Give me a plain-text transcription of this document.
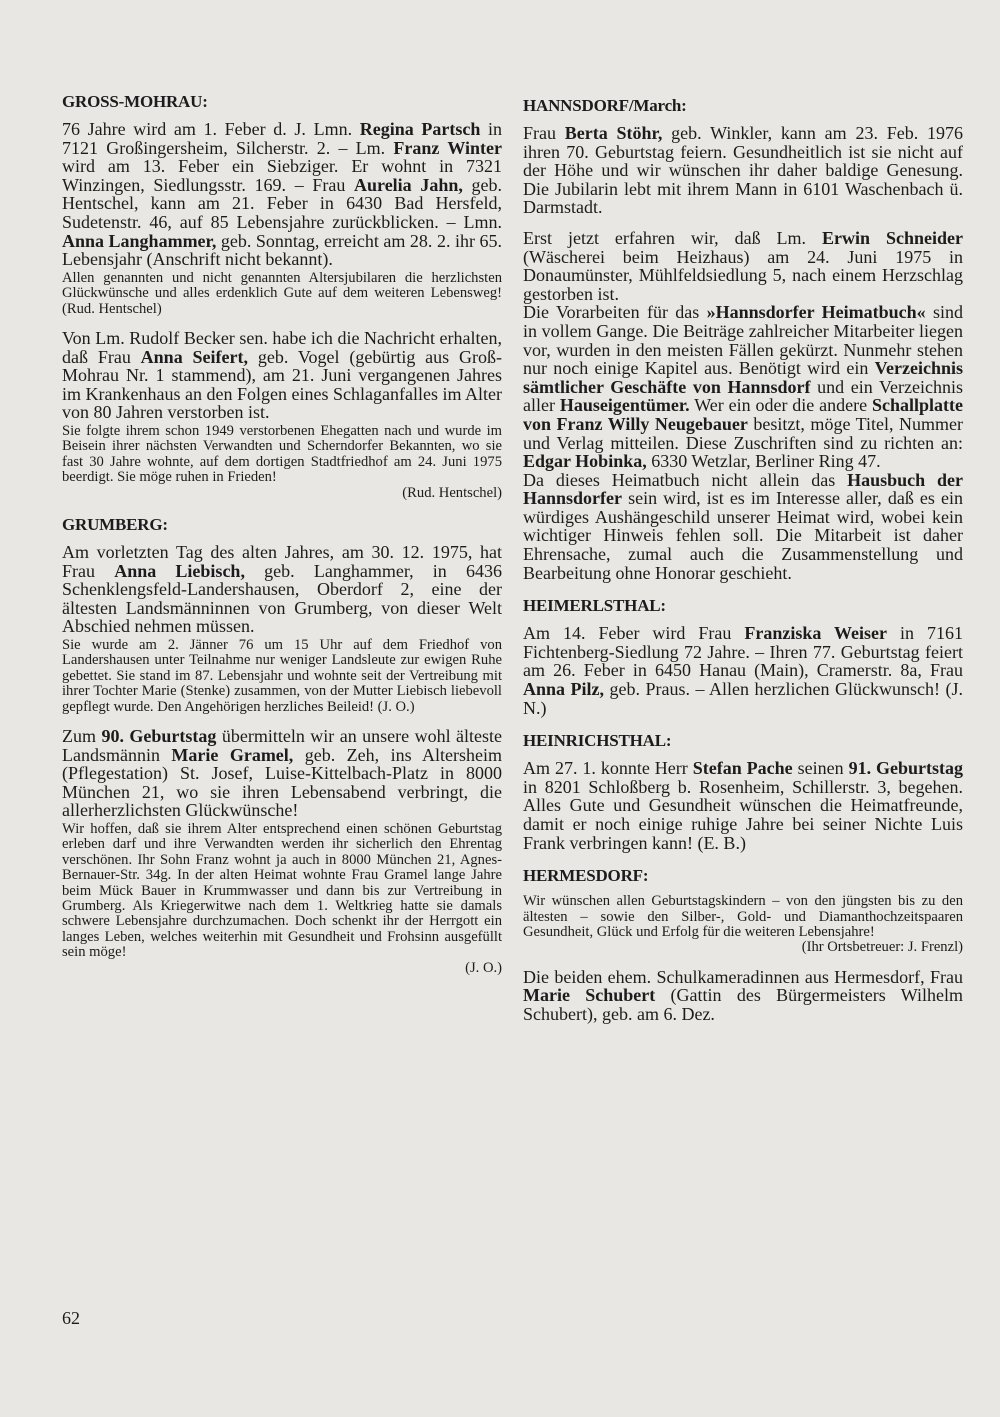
GROSS-MOHRAU:

76 Jahre wird am 1. Feber d. J. Lmn. Regina Partsch in 7121 Großingersheim, Silcherstr. 2. – Lm. Franz Winter wird am 13. Feber ein Siebziger. Er wohnt in 7321 Winzingen, Siedlungsstr. 169. – Frau Aurelia Jahn, geb. Hentschel, kann am 21. Feber in 6430 Bad Hersfeld, Sudetenstr. 46, auf 85 Lebensjahre zurückblicken. – Lmn. Anna Langhammer, geb. Sonntag, erreicht am 28. 2. ihr 65. Lebensjahr (Anschrift nicht bekannt).

Allen genannten und nicht genannten Altersjubilaren die herzlichsten Glückwünsche und alles erdenklich Gute auf dem weiteren Lebensweg! (Rud. Hentschel)

Von Lm. Rudolf Becker sen. habe ich die Nachricht erhalten, daß Frau Anna Seifert, geb. Vogel (gebürtig aus Groß-Mohrau Nr. 1 stammend), am 21. Juni vergangenen Jahres im Krankenhaus an den Folgen eines Schlaganfalles im Alter von 80 Jahren verstorben ist.

Sie folgte ihrem schon 1949 verstorbenen Ehegatten nach und wurde im Beisein ihrer nächsten Verwandten und Scherndorfer Bekannten, wo sie fast 30 Jahre wohnte, auf dem dortigen Stadtfriedhof am 24. Juni 1975 beerdigt. Sie möge ruhen in Frieden!

(Rud. Hentschel)

GRUMBERG:

Am vorletzten Tag des alten Jahres, am 30. 12. 1975, hat Frau Anna Liebisch, geb. Langhammer, in 6436 Schenklengsfeld-Landershausen, Oberdorf 2, eine der ältesten Landsmänninnen von Grumberg, von dieser Welt Abschied nehmen müssen.

Sie wurde am 2. Jänner 76 um 15 Uhr auf dem Friedhof von Landershausen unter Teilnahme nur weniger Landsleute zur ewigen Ruhe gebettet. Sie stand im 87. Lebensjahr und wohnte seit der Vertreibung mit ihrer Tochter Marie (Stenke) zusammen, von der Mutter Liebisch liebevoll gepflegt wurde. Den Angehörigen herzliches Beileid! (J. O.)

Zum 90. Geburtstag übermitteln wir an unsere wohl älteste Landsmännin Marie Gramel, geb. Zeh, ins Altersheim (Pflegestation) St. Josef, Luise-Kittelbach-Platz in 8000 München 21, wo sie ihren Lebensabend verbringt, die allerherzlichsten Glückwünsche!

Wir hoffen, daß sie ihrem Alter entsprechend einen schönen Geburtstag erleben darf und ihre Verwandten werden ihr sicherlich den Ehrentag verschönen. Ihr Sohn Franz wohnt ja auch in 8000 München 21, Agnes-Bernauer-Str. 34g. In der alten Heimat wohnte Frau Gramel lange Jahre beim Mück Bauer in Krummwasser und dann bis zur Vertreibung in Grumberg. Als Kriegerwitwe nach dem 1. Weltkrieg hatte sie damals schwere Lebensjahre durchzumachen. Doch schenkt ihr der Herrgott ein langes Leben, welches weiterhin mit Gesundheit und Frohsinn ausgefüllt sein möge!

(J. O.)

HANNSDORF/March:

Frau Berta Stöhr, geb. Winkler, kann am 23. Feb. 1976 ihren 70. Geburtstag feiern. Gesundheitlich ist sie nicht auf der Höhe und wir wünschen ihr daher baldige Genesung. Die Jubilarin lebt mit ihrem Mann in 6101 Waschenbach ü. Darmstadt.

Erst jetzt erfahren wir, daß Lm. Erwin Schneider (Wäscherei beim Heizhaus) am 24. Juni 1975 in Donaumünster, Mühlfeldsiedlung 5, nach einem Herzschlag gestorben ist.

Die Vorarbeiten für das »Hannsdorfer Heimatbuch« sind in vollem Gange. Die Beiträge zahlreicher Mitarbeiter liegen vor, wurden in den meisten Fällen gekürzt. Nunmehr stehen nur noch einige Kapitel aus. Benötigt wird ein Verzeichnis sämtlicher Geschäfte von Hannsdorf und ein Verzeichnis aller Hauseigentümer. Wer ein oder die andere Schallplatte von Franz Willy Neugebauer besitzt, möge Titel, Nummer und Verlag mitteilen. Diese Zuschriften sind zu richten an: Edgar Hobinka, 6330 Wetzlar, Berliner Ring 47.

Da dieses Heimatbuch nicht allein das Hausbuch der Hannsdorfer sein wird, ist es im Interesse aller, daß es ein würdiges Aushängeschild unserer Heimat wird, wobei kein wichtiger Hinweis fehlen soll. Die Mitarbeit ist daher Ehrensache, zumal auch die Zusammenstellung und Bearbeitung ohne Honorar geschieht.

HEIMERLSTHAL:

Am 14. Feber wird Frau Franziska Weiser in 7161 Fichtenberg-Siedlung 72 Jahre. – Ihren 77. Geburtstag feiert am 26. Feber in 6450 Hanau (Main), Cramerstr. 8a, Frau Anna Pilz, geb. Praus. – Allen herzlichen Glückwunsch! (J. N.)

HEINRICHSTHAL:

Am 27. 1. konnte Herr Stefan Pache seinen 91. Geburtstag in 8201 Schloßberg b. Rosenheim, Schillerstr. 3, begehen. Alles Gute und Gesundheit wünschen die Heimatfreunde, damit er noch einige ruhige Jahre bei seiner Nichte Luis Frank verbringen kann! (E. B.)

HERMESDORF:

Wir wünschen allen Geburtstagskindern – von den jüngsten bis zu den ältesten – sowie den Silber-, Gold- und Diamanthochzeitspaaren Gesundheit, Glück und Erfolg für die weiteren Lebensjahre!

(Ihr Ortsbetreuer: J. Frenzl)

Die beiden ehem. Schulkameradinnen aus Hermesdorf, Frau Marie Schubert (Gattin des Bürgermeisters Wilhelm Schubert), geb. am 6. Dez.

62
